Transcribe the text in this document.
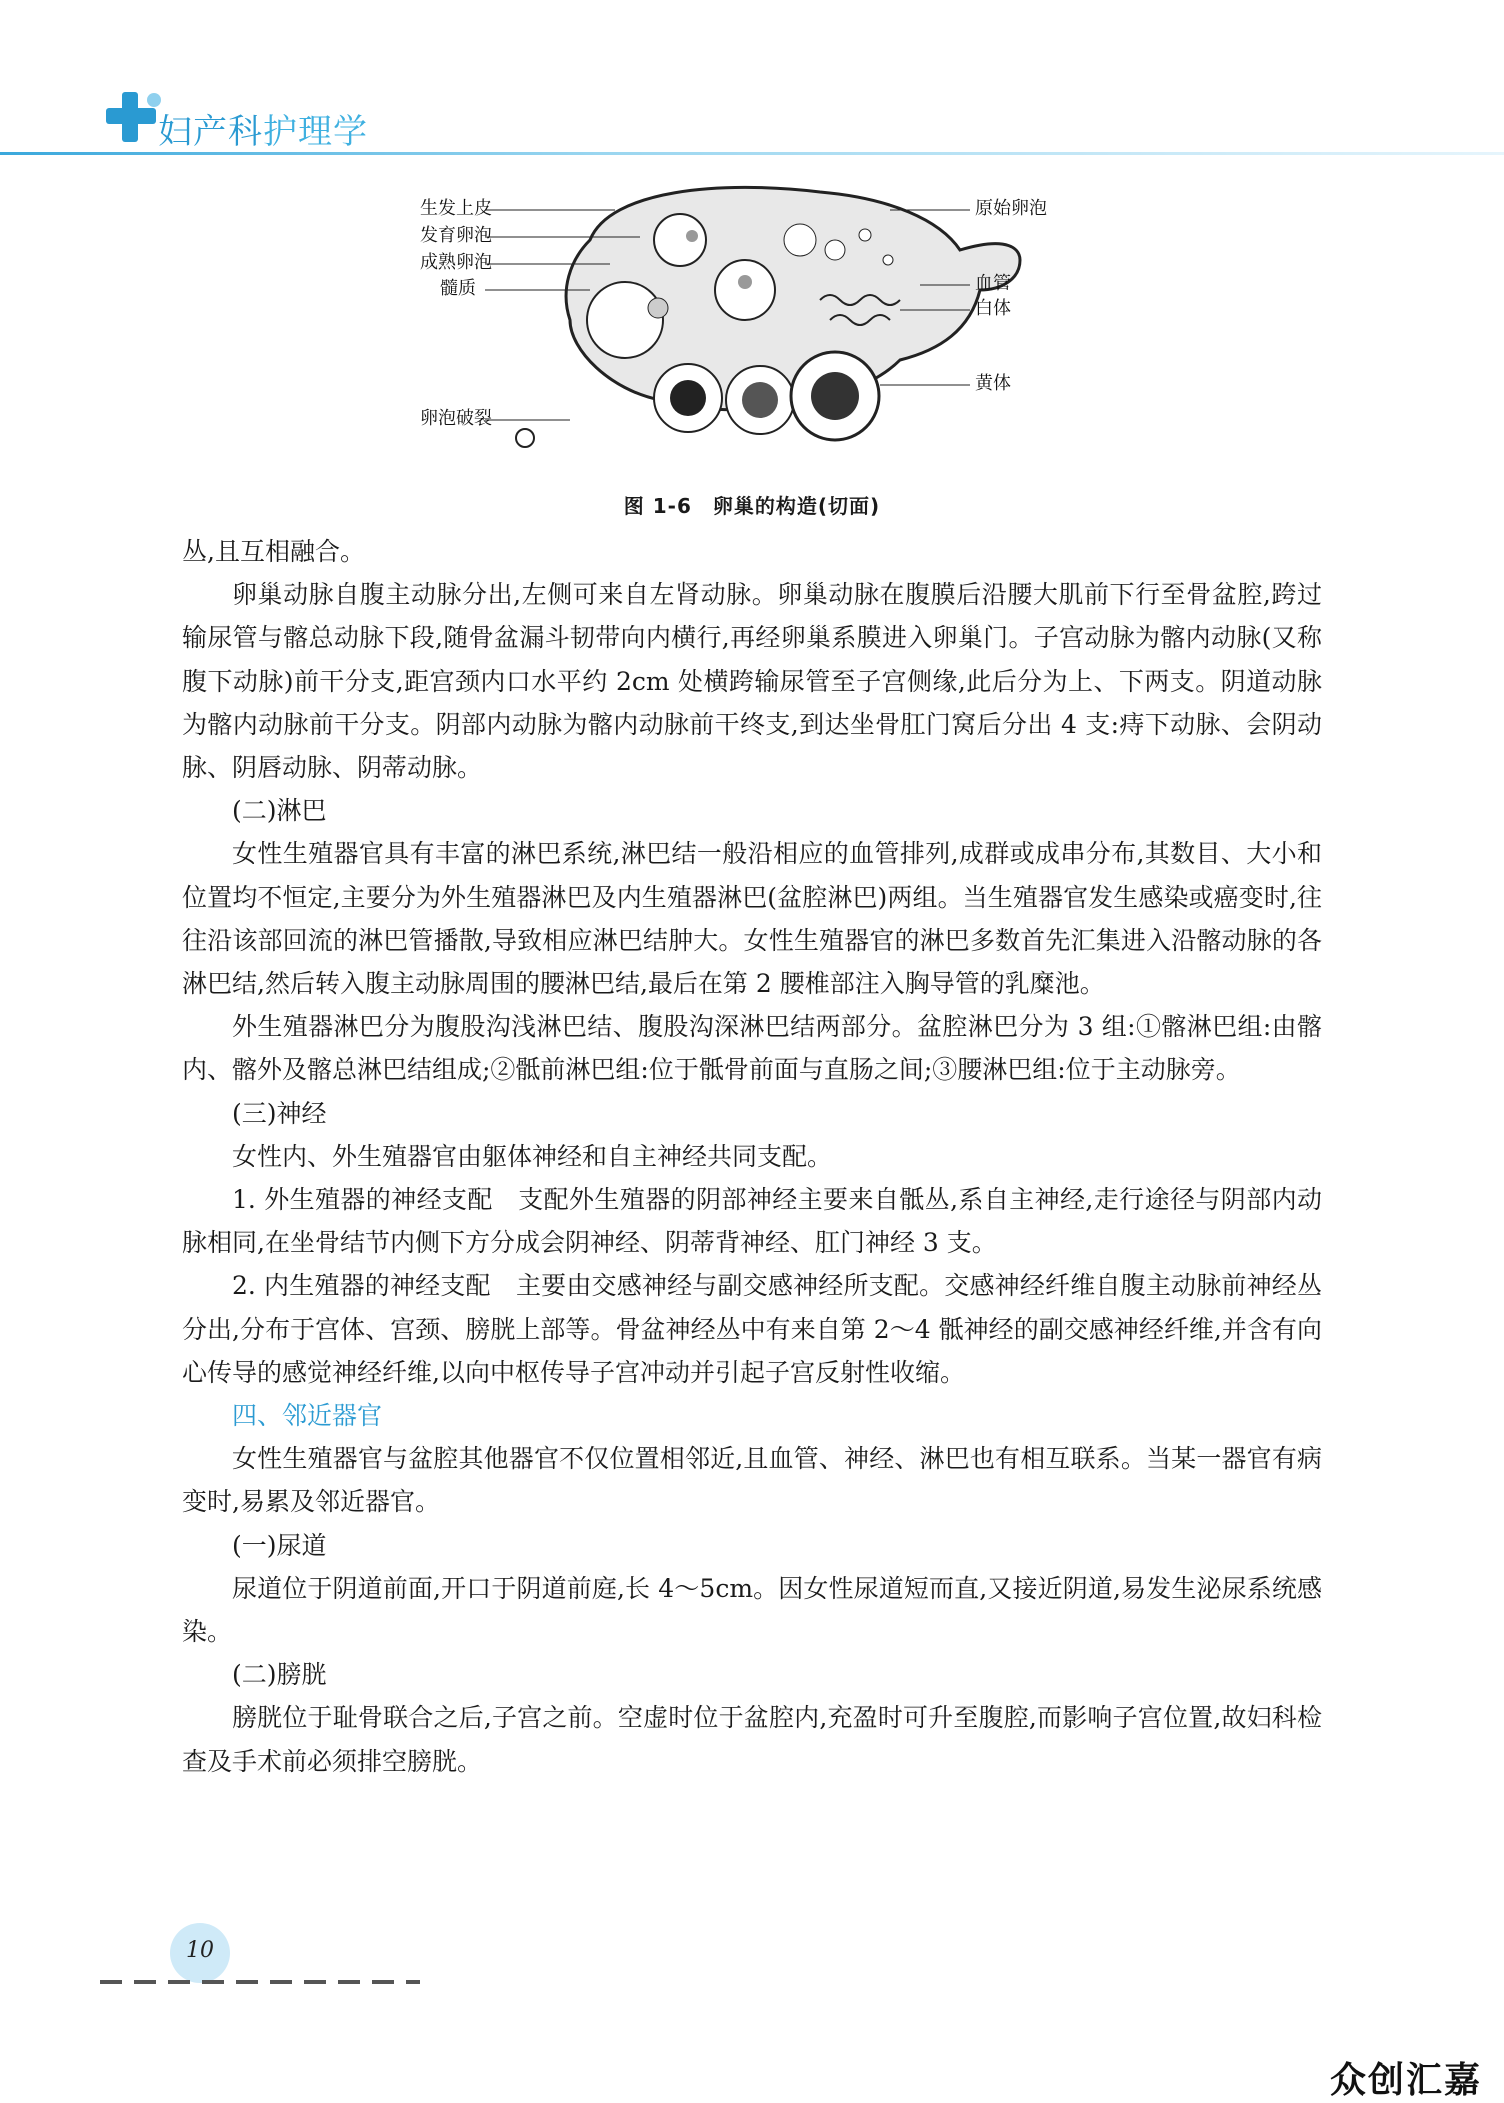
妇产科护理学
生发上皮
发育卵泡
成熟卵泡
髓质
卵泡破裂
原始卵泡
血管
白体
黄体
图 1-6　卵巢的构造(切面)

丛,且互相融合。

卵巢动脉自腹主动脉分出,左侧可来自左肾动脉。卵巢动脉在腹膜后沿腰大肌前下行至骨盆腔,跨过输尿管与髂总动脉下段,随骨盆漏斗韧带向内横行,再经卵巢系膜进入卵巢门。子宫动脉为髂内动脉(又称腹下动脉)前干分支,距宫颈内口水平约 2cm 处横跨输尿管至子宫侧缘,此后分为上、下两支。阴道动脉为髂内动脉前干分支。阴部内动脉为髂内动脉前干终支,到达坐骨肛门窝后分出 4 支:痔下动脉、会阴动脉、阴唇动脉、阴蒂动脉。

(二)淋巴

女性生殖器官具有丰富的淋巴系统,淋巴结一般沿相应的血管排列,成群或成串分布,其数目、大小和位置均不恒定,主要分为外生殖器淋巴及内生殖器淋巴(盆腔淋巴)两组。当生殖器官发生感染或癌变时,往往沿该部回流的淋巴管播散,导致相应淋巴结肿大。女性生殖器官的淋巴多数首先汇集进入沿髂动脉的各淋巴结,然后转入腹主动脉周围的腰淋巴结,最后在第 2 腰椎部注入胸导管的乳糜池。

外生殖器淋巴分为腹股沟浅淋巴结、腹股沟深淋巴结两部分。盆腔淋巴分为 3 组:①髂淋巴组:由髂内、髂外及髂总淋巴结组成;②骶前淋巴组:位于骶骨前面与直肠之间;③腰淋巴组:位于主动脉旁。

(三)神经

女性内、外生殖器官由躯体神经和自主神经共同支配。

1. 外生殖器的神经支配　支配外生殖器的阴部神经主要来自骶丛,系自主神经,走行途径与阴部内动脉相同,在坐骨结节内侧下方分成会阴神经、阴蒂背神经、肛门神经 3 支。

2. 内生殖器的神经支配　主要由交感神经与副交感神经所支配。交感神经纤维自腹主动脉前神经丛分出,分布于宫体、宫颈、膀胱上部等。骨盆神经丛中有来自第 2～4 骶神经的副交感神经纤维,并含有向心传导的感觉神经纤维,以向中枢传导子宫冲动并引起子宫反射性收缩。

四、邻近器官

女性生殖器官与盆腔其他器官不仅位置相邻近,且血管、神经、淋巴也有相互联系。当某一器官有病变时,易累及邻近器官。

(一)尿道

尿道位于阴道前面,开口于阴道前庭,长 4～5cm。因女性尿道短而直,又接近阴道,易发生泌尿系统感染。

(二)膀胱

膀胱位于耻骨联合之后,子宫之前。空虚时位于盆腔内,充盈时可升至腹腔,而影响子宫位置,故妇科检查及手术前必须排空膀胱。

10
众创汇嘉
